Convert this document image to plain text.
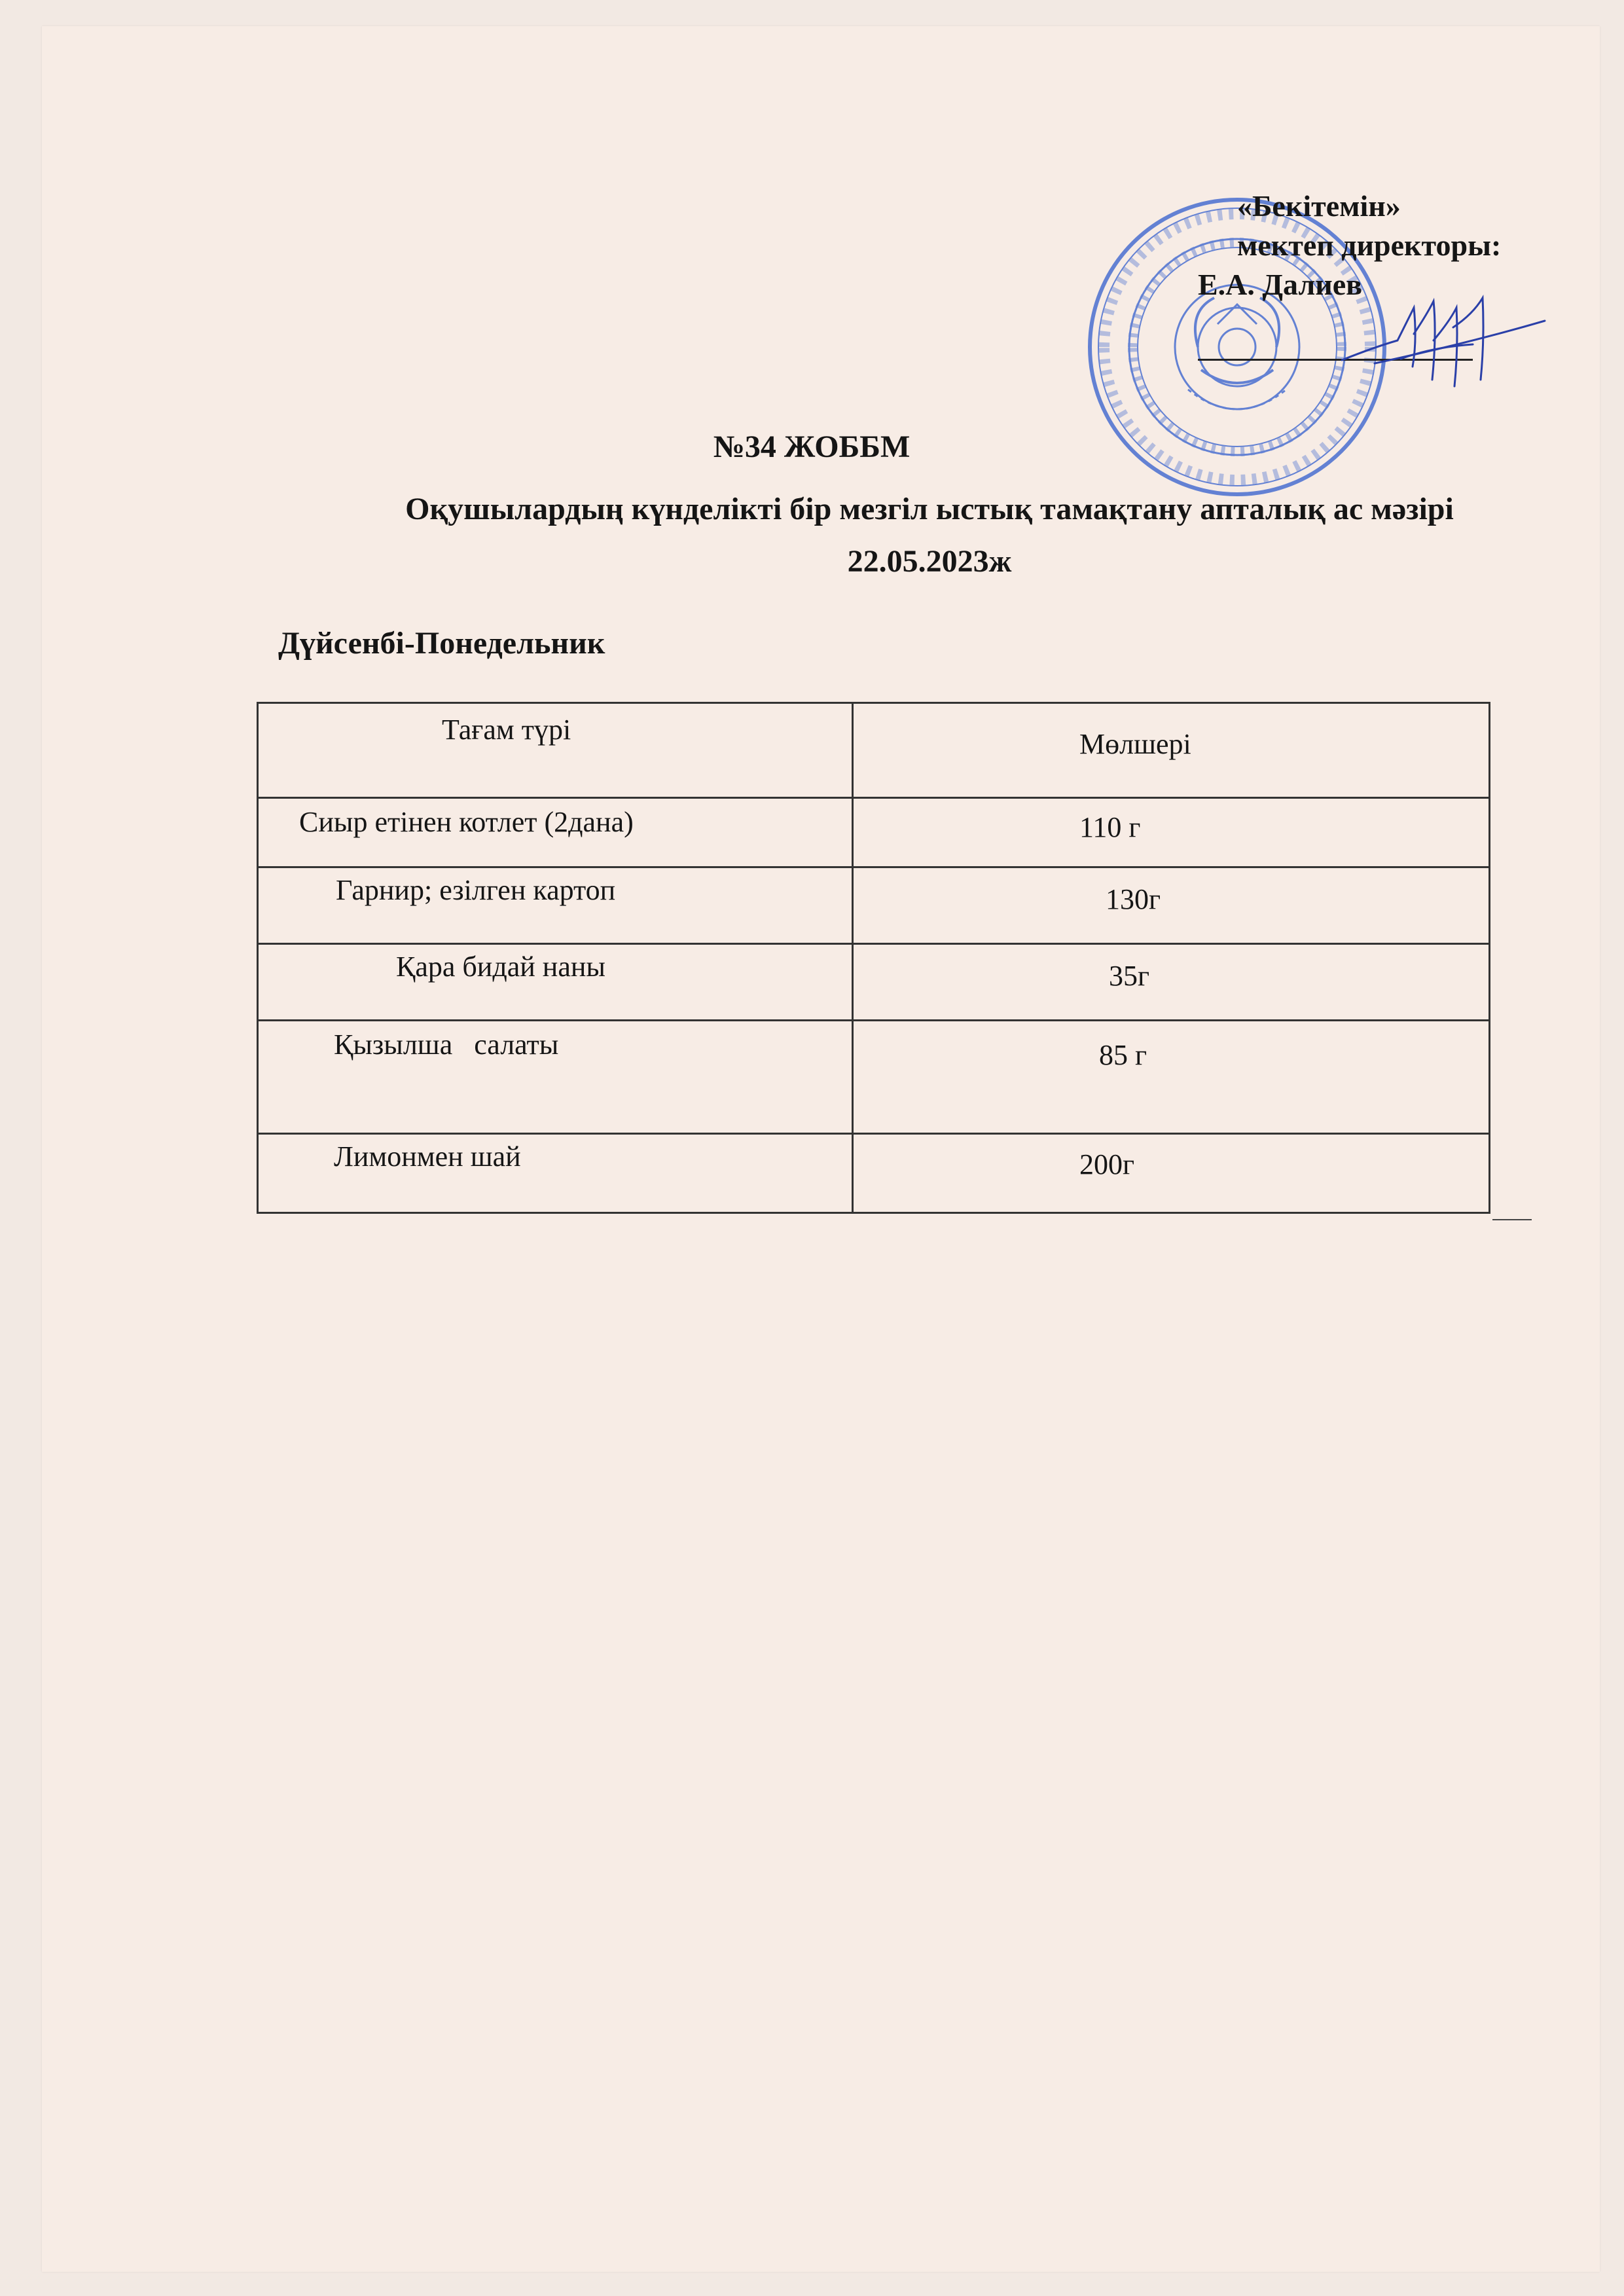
«Бекітемін»
мектеп директоры:
Е.А. Далиев
№34 ЖОББМ
Оқушылардың күнделікті бір мезгіл ыстық тамақтану апталық ас мәзірі
22.05.2023ж
Дүйсенбі-Понедельник
Тағам түрі	Мөлшері

Сиыр етінен котлет (2дана)	110 г

Гарнир; езілген картоп	130г

Қара бидай наны	35г

Қызылша   салаты	85 г

Лимонмен шай	200г
